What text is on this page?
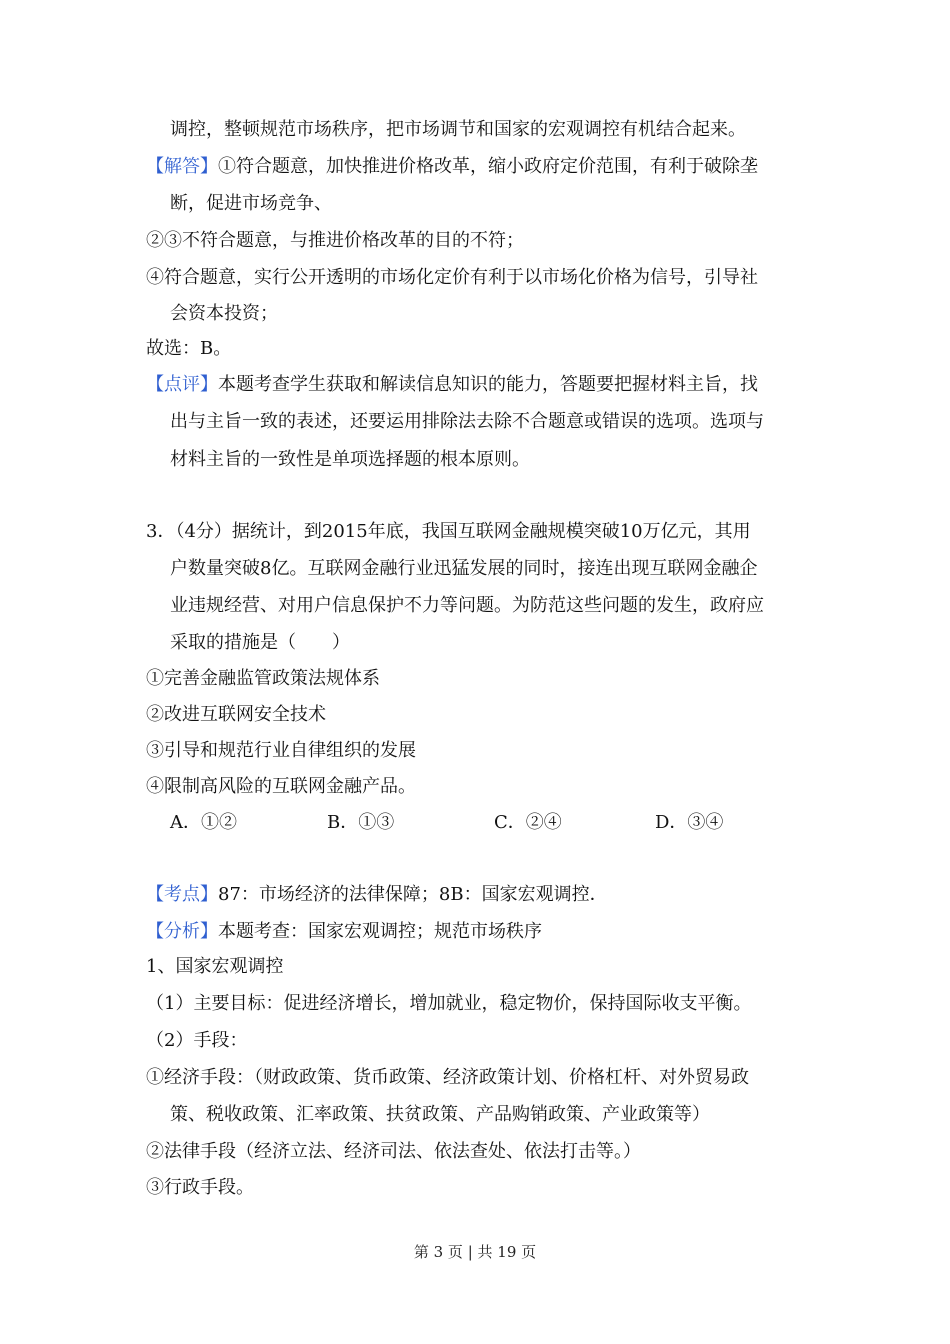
调控，整顿规范市场秩序，把市场调节和国家的宏观调控有机结合起来。
【解答】①符合题意，加快推进价格改革，缩小政府定价范围，有利于破除垄
断，促进市场竞争、
②③不符合题意，与推进价格改革的目的不符；
④符合题意，实行公开透明的市场化定价有利于以市场化价格为信号，引导社
会资本投资；
故选：B。
【点评】本题考查学生获取和解读信息知识的能力，答题要把握材料主旨，找
出与主旨一致的表述，还要运用排除法去除不合题意或错误的选项。选项与
材料主旨的一致性是单项选择题的根本原则。
3．（4分）据统计，到2015年底，我国互联网金融规模突破10万亿元，其用
户数量突破8亿。互联网金融行业迅猛发展的同时，接连出现互联网金融企
业违规经营、对用户信息保护不力等问题。为防范这些问题的发生，政府应
采取的措施是（　　）
①完善金融监管政策法规体系
②改进互联网安全技术
③引导和规范行业自律组织的发展
④限制高风险的互联网金融产品。
A．①②	B．①③	C．②④	D．③④
【考点】87：市场经济的法律保障；8B：国家宏观调控．
【分析】本题考查：国家宏观调控；规范市场秩序
1、国家宏观调控
（1）主要目标：促进经济增长，增加就业，稳定物价，保持国际收支平衡。
（2）手段：
①经济手段：（财政政策、货币政策、经济政策计划、价格杠杆、对外贸易政
策、税收政策、汇率政策、扶贫政策、产品购销政策、产业政策等）
②法律手段（经济立法、经济司法、依法查处、依法打击等。）
③行政手段。
第 3 页 | 共 19 页
